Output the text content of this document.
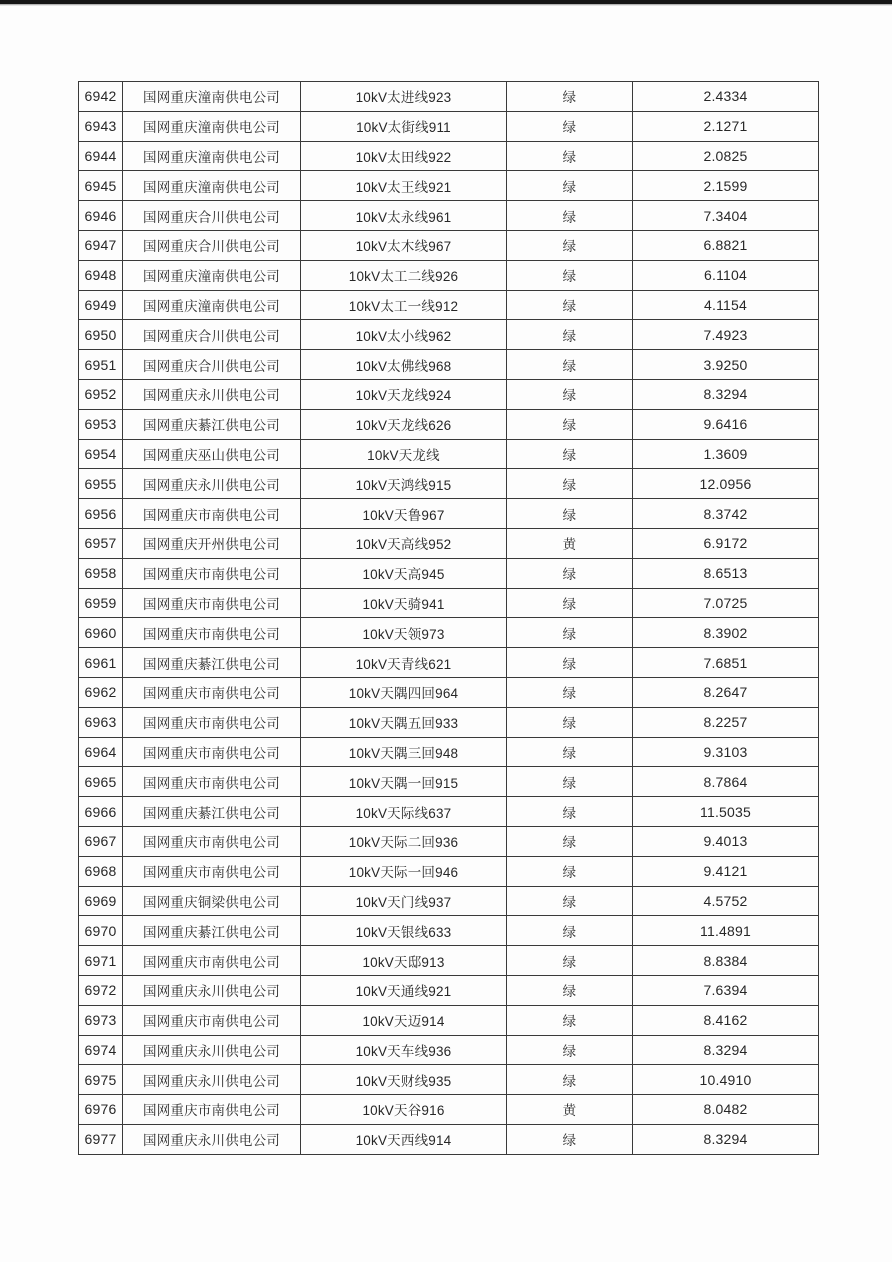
6942	国网重庆潼南供电公司	10kV太进线923	绿	2.4334
6943	国网重庆潼南供电公司	10kV太街线911	绿	2.1271
6944	国网重庆潼南供电公司	10kV太田线922	绿	2.0825
6945	国网重庆潼南供电公司	10kV太王线921	绿	2.1599
6946	国网重庆合川供电公司	10kV太永线961	绿	7.3404
6947	国网重庆合川供电公司	10kV太木线967	绿	6.8821
6948	国网重庆潼南供电公司	10kV太工二线926	绿	6.1104
6949	国网重庆潼南供电公司	10kV太工一线912	绿	4.1154
6950	国网重庆合川供电公司	10kV太小线962	绿	7.4923
6951	国网重庆合川供电公司	10kV太佛线968	绿	3.9250
6952	国网重庆永川供电公司	10kV天龙线924	绿	8.3294
6953	国网重庆綦江供电公司	10kV天龙线626	绿	9.6416
6954	国网重庆巫山供电公司	10kV天龙线	绿	1.3609
6955	国网重庆永川供电公司	10kV天鸿线915	绿	12.0956
6956	国网重庆市南供电公司	10kV天鲁967	绿	8.3742
6957	国网重庆开州供电公司	10kV天高线952	黄	6.9172
6958	国网重庆市南供电公司	10kV天高945	绿	8.6513
6959	国网重庆市南供电公司	10kV天骑941	绿	7.0725
6960	国网重庆市南供电公司	10kV天领973	绿	8.3902
6961	国网重庆綦江供电公司	10kV天青线621	绿	7.6851
6962	国网重庆市南供电公司	10kV天隅四回964	绿	8.2647
6963	国网重庆市南供电公司	10kV天隅五回933	绿	8.2257
6964	国网重庆市南供电公司	10kV天隅三回948	绿	9.3103
6965	国网重庆市南供电公司	10kV天隅一回915	绿	8.7864
6966	国网重庆綦江供电公司	10kV天际线637	绿	11.5035
6967	国网重庆市南供电公司	10kV天际二回936	绿	9.4013
6968	国网重庆市南供电公司	10kV天际一回946	绿	9.4121
6969	国网重庆铜梁供电公司	10kV天门线937	绿	4.5752
6970	国网重庆綦江供电公司	10kV天银线633	绿	11.4891
6971	国网重庆市南供电公司	10kV天邸913	绿	8.8384
6972	国网重庆永川供电公司	10kV天通线921	绿	7.6394
6973	国网重庆市南供电公司	10kV天迈914	绿	8.4162
6974	国网重庆永川供电公司	10kV天车线936	绿	8.3294
6975	国网重庆永川供电公司	10kV天财线935	绿	10.4910
6976	国网重庆市南供电公司	10kV天谷916	黄	8.0482
6977	国网重庆永川供电公司	10kV天西线914	绿	8.3294
